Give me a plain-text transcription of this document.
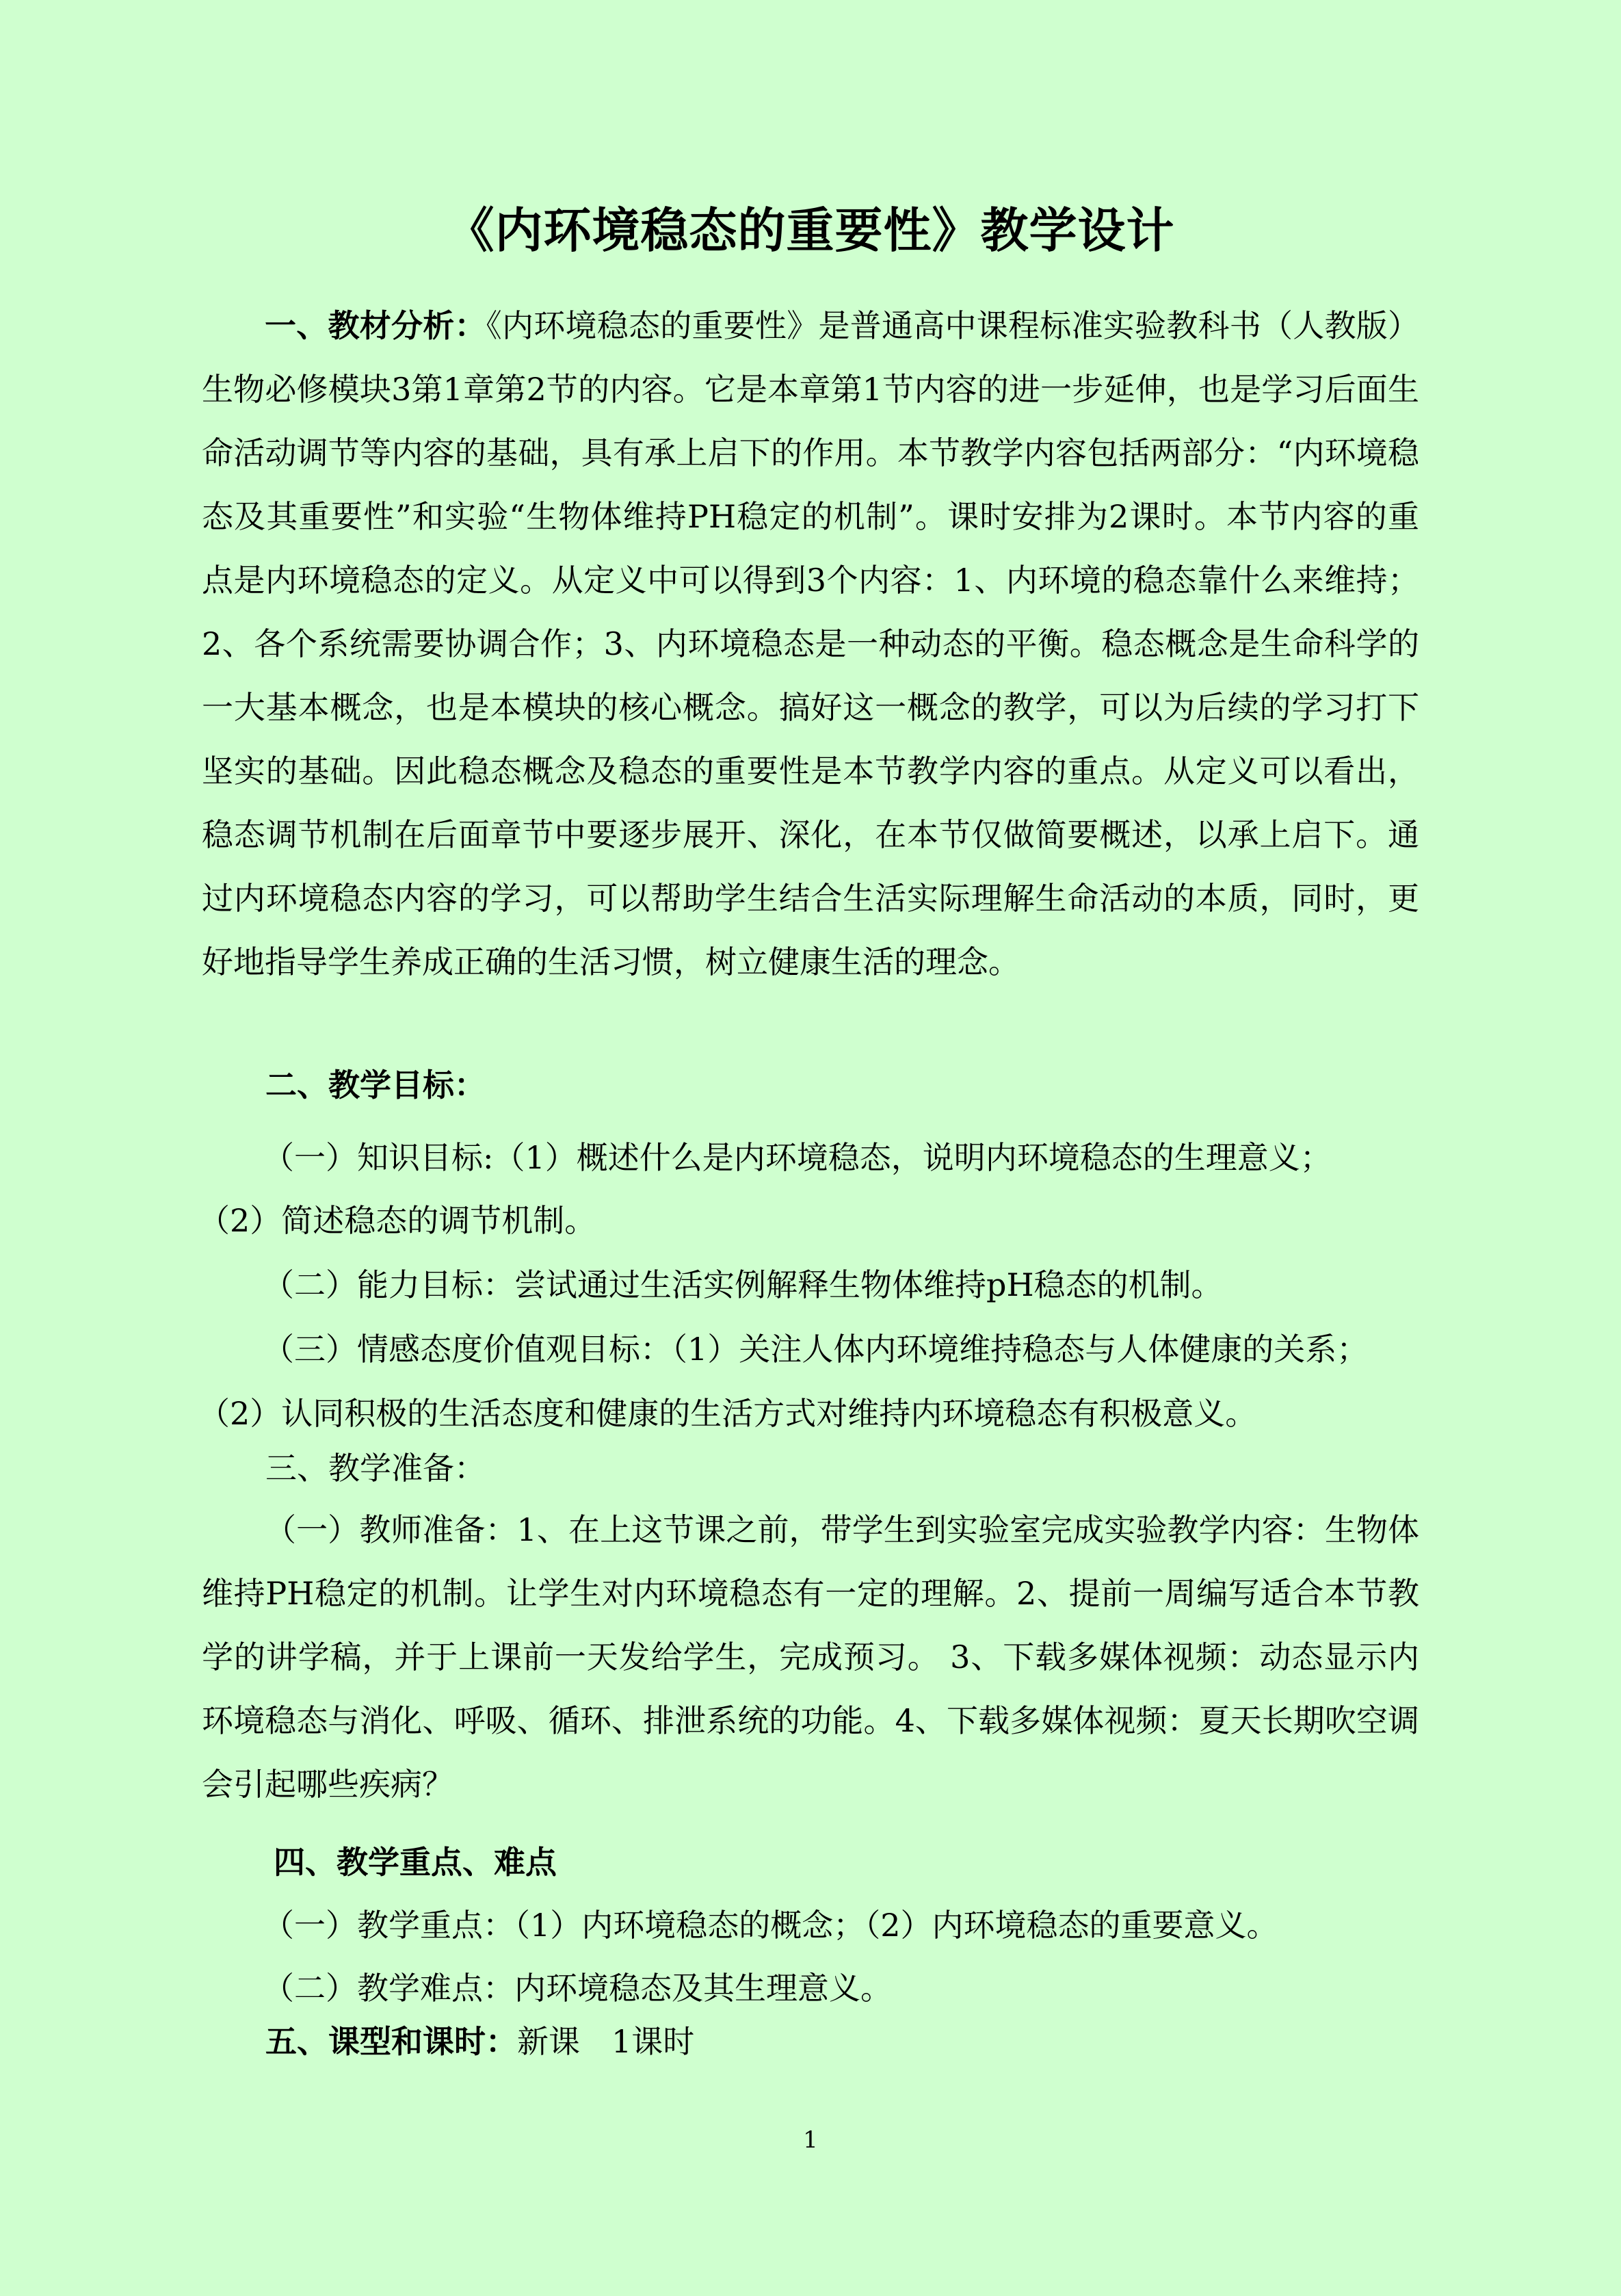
《内环境稳态的重要性》教学设计

一、教材分析：《内环境稳态的重要性》是普通高中课程标准实验教科书（人教版）生物必修模块3第1章第2节的内容。它是本章第1节内容的进一步延伸，也是学习后面生命活动调节等内容的基础，具有承上启下的作用。本节教学内容包括两部分：“内环境稳态及其重要性”和实验“生物体维持PH稳定的机制”。课时安排为2课时。本节内容的重点是内环境稳态的定义。从定义中可以得到3个内容：1、内环境的稳态靠什么来维持；2、各个系统需要协调合作；3、内环境稳态是一种动态的平衡。稳态概念是生命科学的一大基本概念，也是本模块的核心概念。搞好这一概念的教学，可以为后续的学习打下坚实的基础。因此稳态概念及稳态的重要性是本节教学内容的重点。从定义可以看出，稳态调节机制在后面章节中要逐步展开、深化，在本节仅做简要概述，以承上启下。通过内环境稳态内容的学习，可以帮助学生结合生活实际理解生命活动的本质，同时，更好地指导学生养成正确的生活习惯，树立健康生活的理念。

二、教学目标：
（一）知识目标:（1）概述什么是内环境稳态，说明内环境稳态的生理意义；
（2）简述稳态的调节机制。
（二）能力目标：尝试通过生活实例解释生物体维持pH稳态的机制。
（三）情感态度价值观目标：（1）关注人体内环境维持稳态与人体健康的关系；
（2）认同积极的生活态度和健康的生活方式对维持内环境稳态有积极意义。
三、教学准备：

（一）教师准备：1、在上这节课之前，带学生到实验室完成实验教学内容：生物体维持PH稳定的机制。让学生对内环境稳态有一定的理解。2、提前一周编写适合本节教学的讲学稿，并于上课前一天发给学生，完成预习。 3、下载多媒体视频：动态显示内环境稳态与消化、呼吸、循环、排泄系统的功能。4、下载多媒体视频：夏天长期吹空调会引起哪些疾病？

四、教学重点、难点
（一）教学重点：（1）内环境稳态的概念；（2）内环境稳态的重要意义。
（二）教学难点：内环境稳态及其生理意义。
五、课型和课时：新课　1课时
1
